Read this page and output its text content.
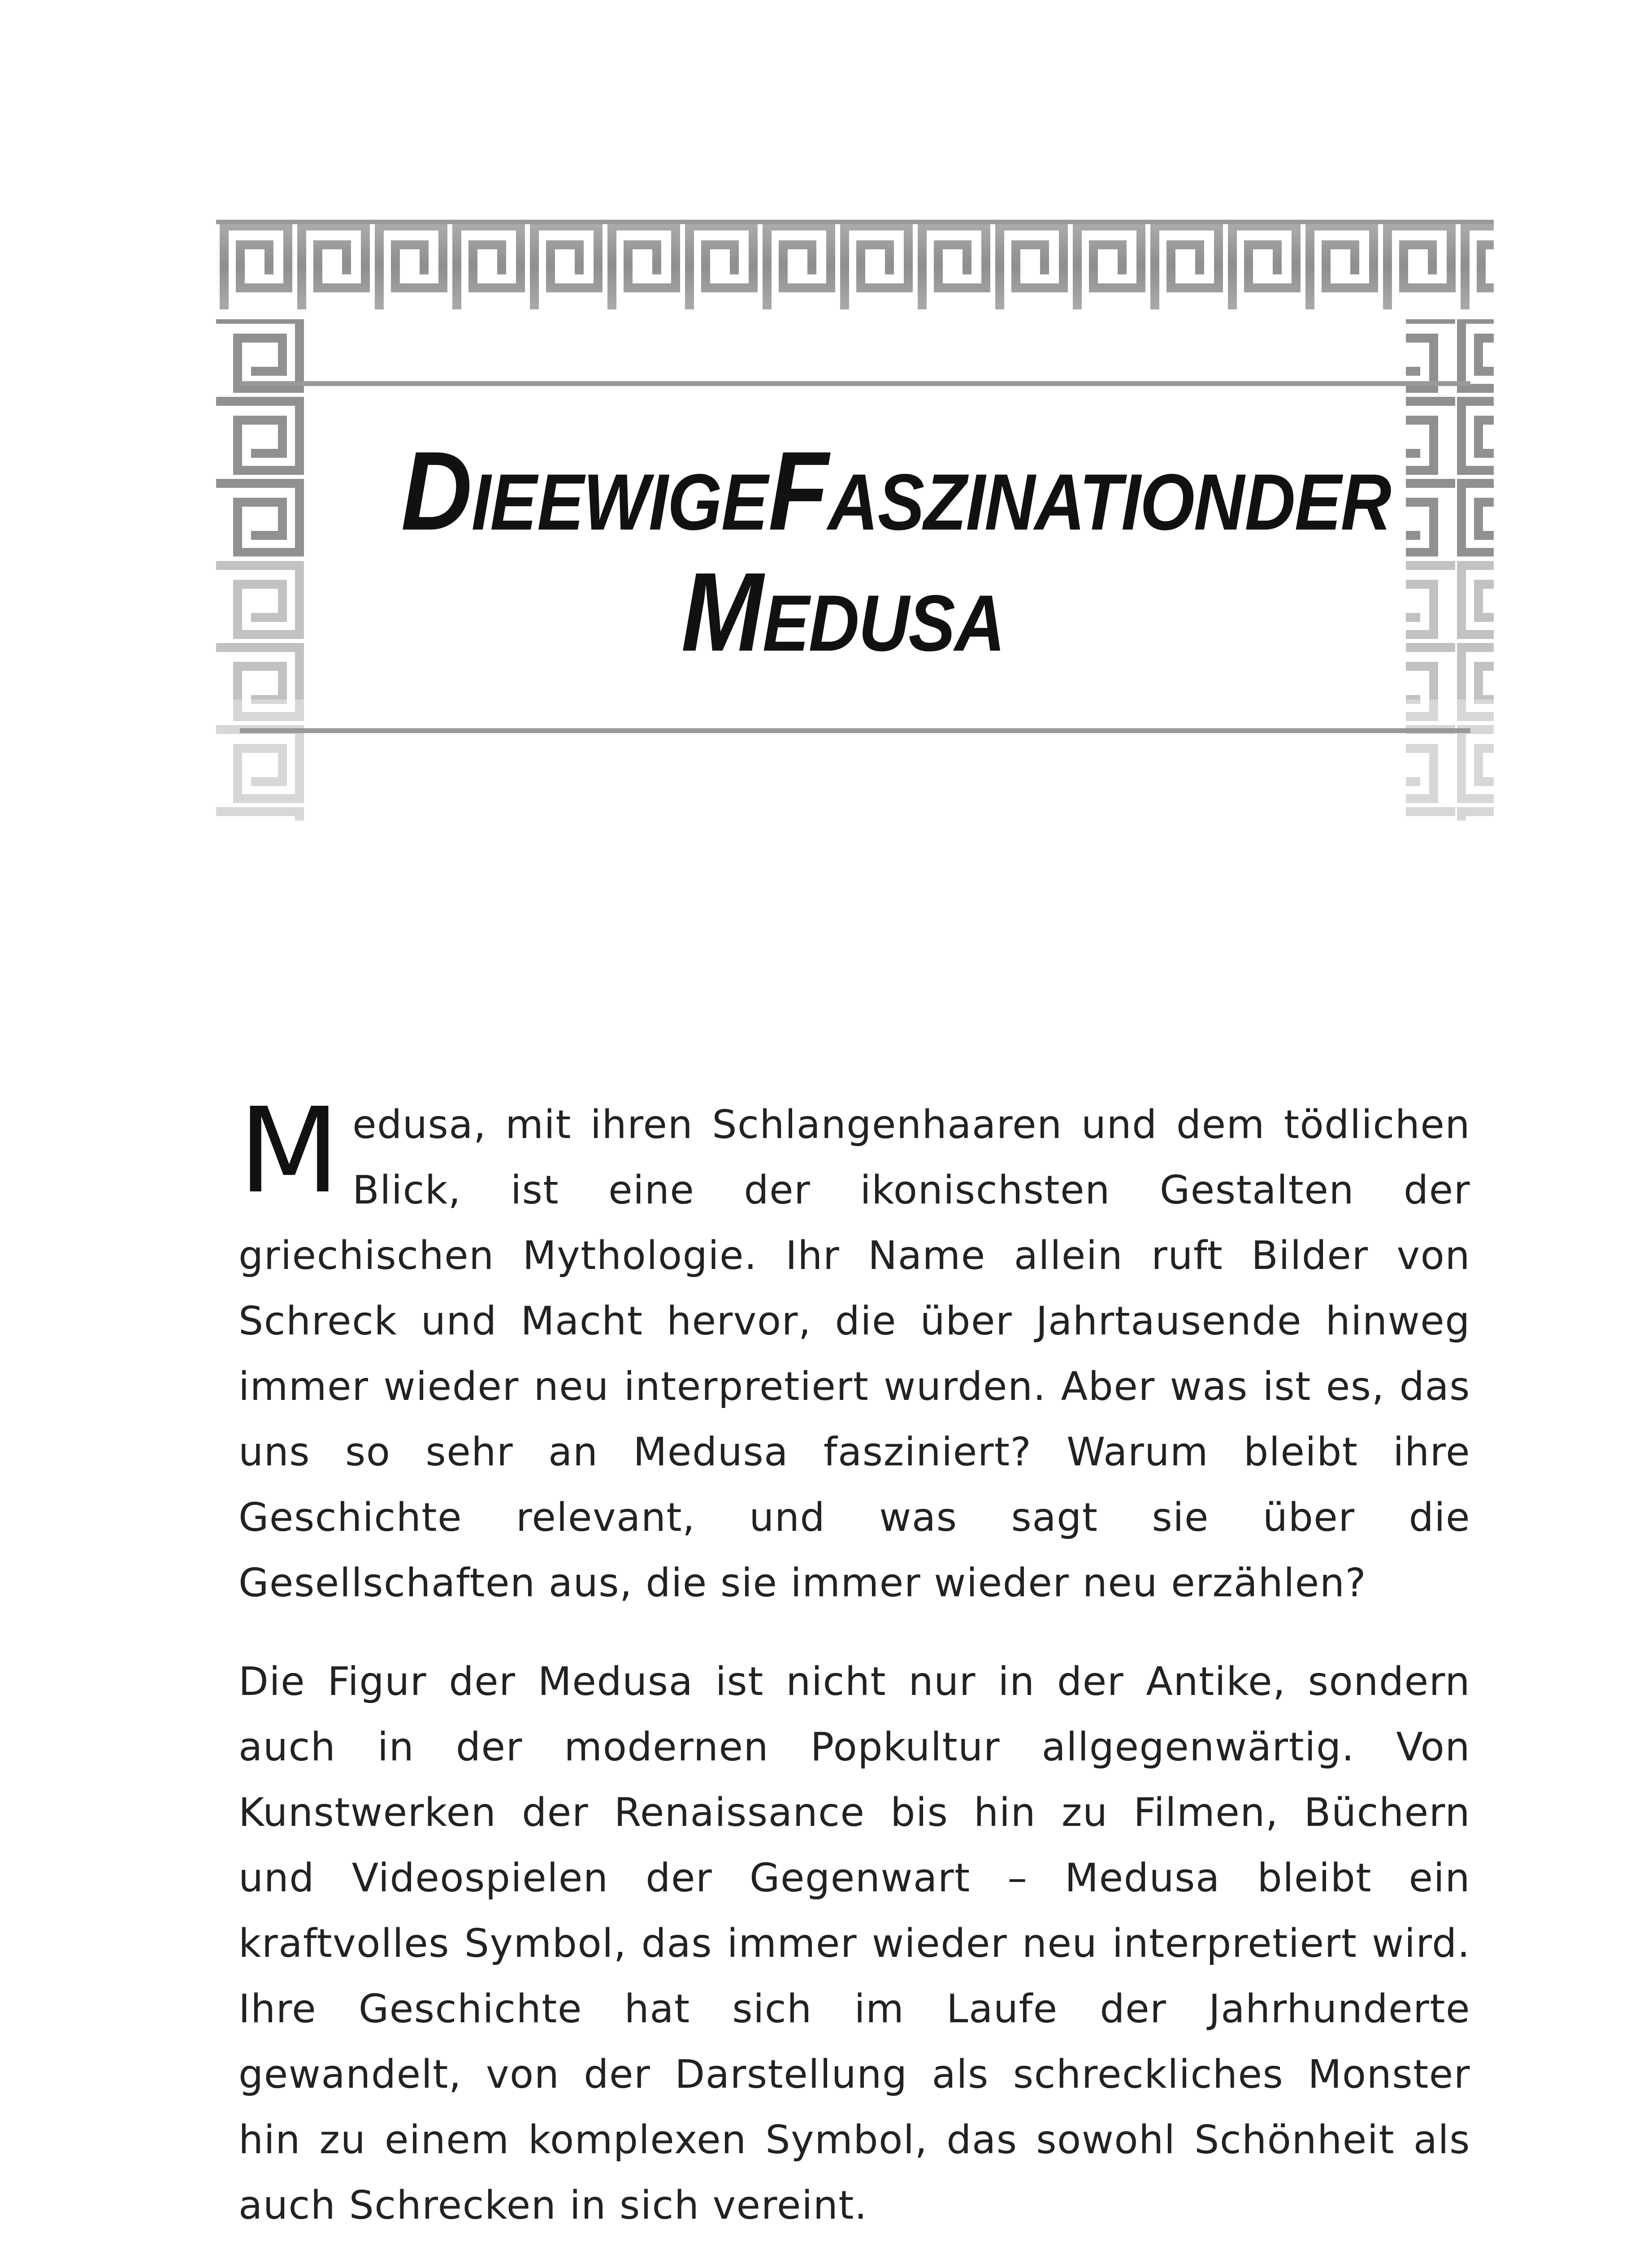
DIE EWIGE FASZINATION DER
MEDUSA

Medusa, mit ihren Schlangenhaaren und dem tödlichen Blick, ist eine der ikonischsten Gestalten der griechischen Mythologie. Ihr Name allein ruft Bilder von Schreck und Macht hervor, die über Jahrtausende hinweg immer wieder neu interpretiert wurden. Aber was ist es, das uns so sehr an Medusa fasziniert? Warum bleibt ihre Geschichte relevant, und was sagt sie über die Gesellschaften aus, die sie immer wieder neu erzählen?

Die Figur der Medusa ist nicht nur in der Antike, sondern auch in der modernen Popkultur allgegenwärtig. Von Kunstwerken der Renaissance bis hin zu Filmen, Büchern und Videospielen der Gegenwart – Medusa bleibt ein kraftvolles Symbol, das immer wieder neu interpretiert wird. Ihre Geschichte hat sich im Laufe der Jahrhunderte gewandelt, von der Darstellung als schreckliches Monster hin zu einem komplexen Symbol, das sowohl Schönheit als auch Schrecken in sich vereint.
